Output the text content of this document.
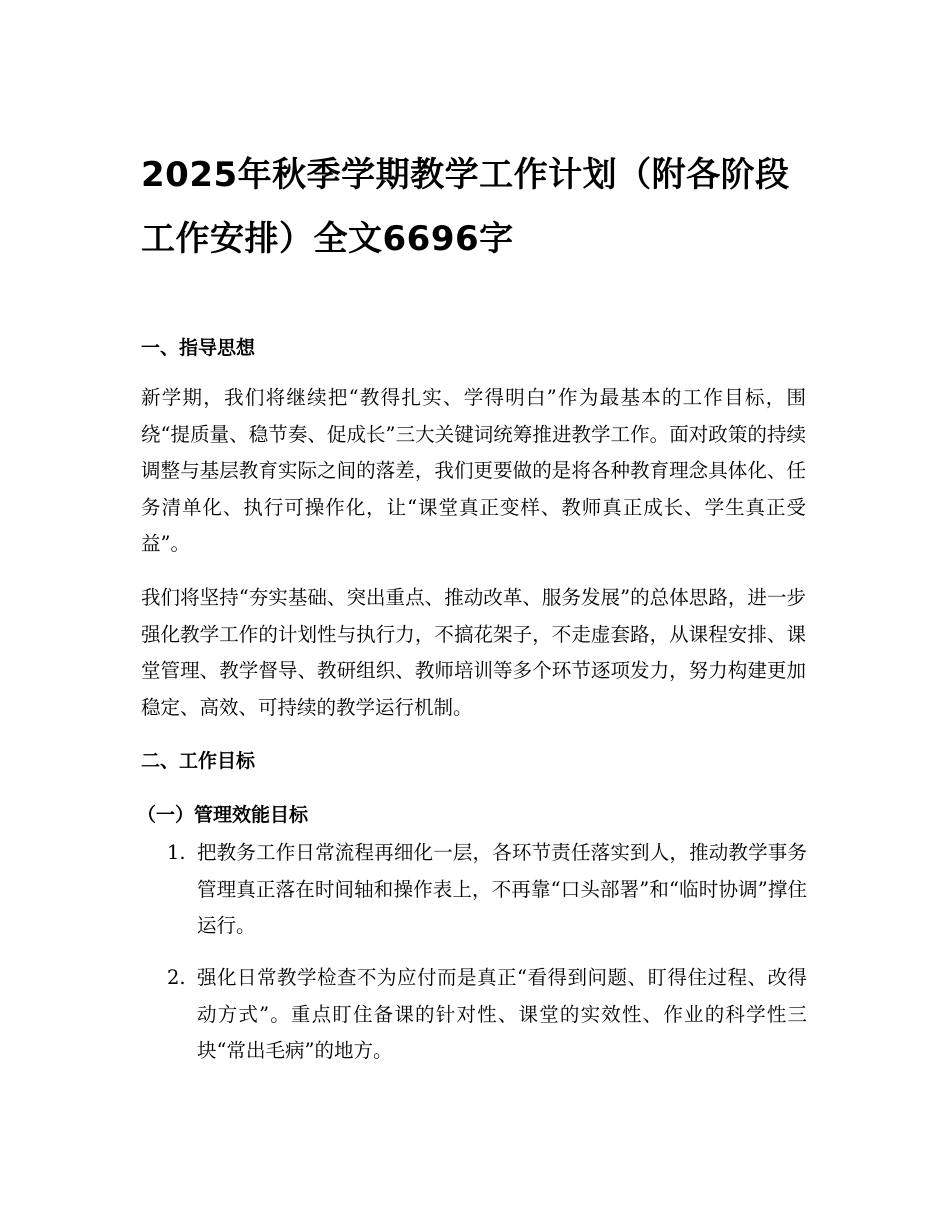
2025年秋季学期教学工作计划（附各阶段工作安排）全文6696字
一、指导思想

新学期，我们将继续把“教得扎实、学得明白”作为最基本的工作目标，围绕“提质量、稳节奏、促成长”三大关键词统筹推进教学工作。面对政策的持续调整与基层教育实际之间的落差，我们更要做的是将各种教育理念具体化、任务清单化、执行可操作化，让“课堂真正变样、教师真正成长、学生真正受益”。

我们将坚持“夯实基础、突出重点、推动改革、服务发展”的总体思路，进一步强化教学工作的计划性与执行力，不搞花架子，不走虚套路，从课程安排、课堂管理、教学督导、教研组织、教师培训等多个环节逐项发力，努力构建更加稳定、高效、可持续的教学运行机制。

二、工作目标
（一）管理效能目标
1. 把教务工作日常流程再细化一层，各环节责任落实到人，推动教学事务管理真正落在时间轴和操作表上，不再靠“口头部署”和“临时协调”撑住运行。
2. 强化日常教学检查不为应付而是真正“看得到问题、盯得住过程、改得动方式”。重点盯住备课的针对性、课堂的实效性、作业的科学性三块“常出毛病”的地方。
